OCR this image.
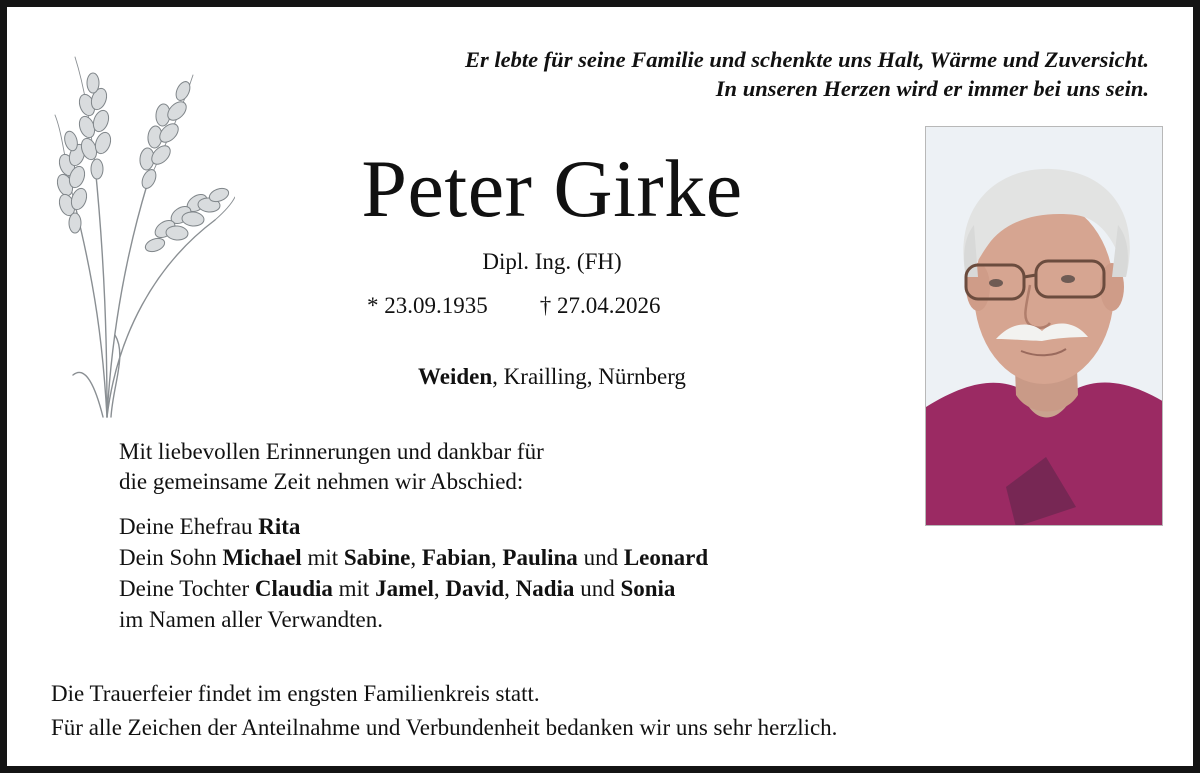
Er lebte für seine Familie und schenkte uns Halt, Wärme und Zuversicht.
In unseren Herzen wird er immer bei uns sein.
Peter Girke
Dipl. Ing. (FH)
* 23.09.1935 † 27.04.2026
Weiden, Krailling, Nürnberg
Mit liebevollen Erinnerungen und dankbar für
die gemeinsame Zeit nehmen wir Abschied:
Deine Ehefrau Rita
Dein Sohn Michael mit Sabine, Fabian, Paulina und Leonard
Deine Tochter Claudia mit Jamel, David, Nadia und Sonia
im Namen aller Verwandten.
Die Trauerfeier findet im engsten Familienkreis statt.
Für alle Zeichen der Anteilnahme und Verbundenheit bedanken wir uns sehr herzlich.
